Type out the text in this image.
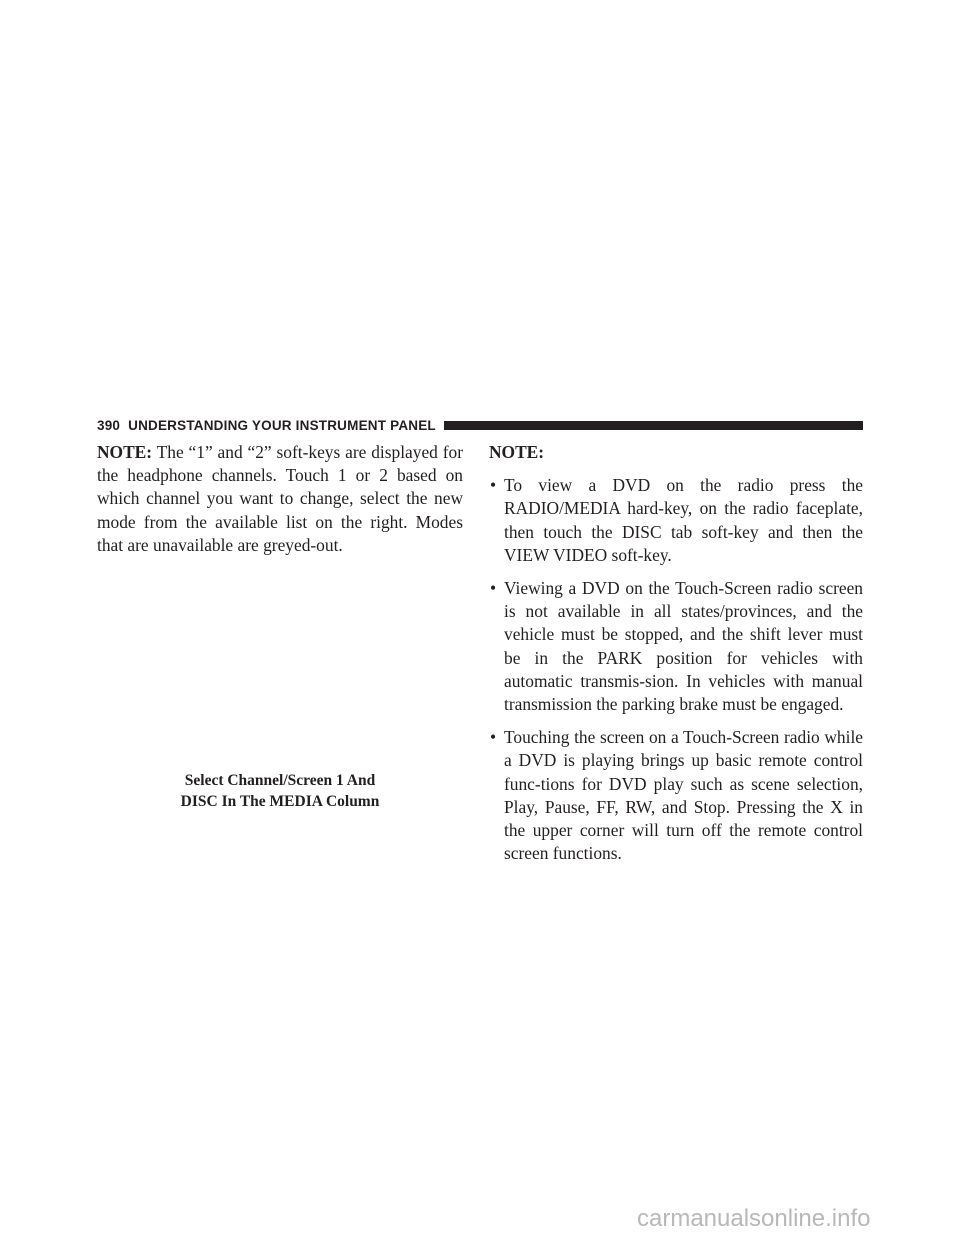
390 UNDERSTANDING YOUR INSTRUMENT PANEL

NOTE: The “1” and “2” soft-keys are displayed for the headphone channels. Touch 1 or 2 based on which channel you want to change, select the new mode from the available list on the right. Modes that are unavailable are greyed-out.

Select Channel/Screen 1 And
DISC In The MEDIA Column

NOTE:

• To view a DVD on the radio press the RADIO/MEDIA hard-key, on the radio faceplate, then touch the DISC tab soft-key and then the VIEW VIDEO soft-key.
• Viewing a DVD on the Touch-Screen radio screen is not available in all states/provinces, and the vehicle must be stopped, and the shift lever must be in the PARK position for vehicles with automatic transmis-sion. In vehicles with manual transmission the parking brake must be engaged.
• Touching the screen on a Touch-Screen radio while a DVD is playing brings up basic remote control func-tions for DVD play such as scene selection, Play, Pause, FF, RW, and Stop. Pressing the X in the upper corner will turn off the remote control screen functions.
carmanualsonline.info
